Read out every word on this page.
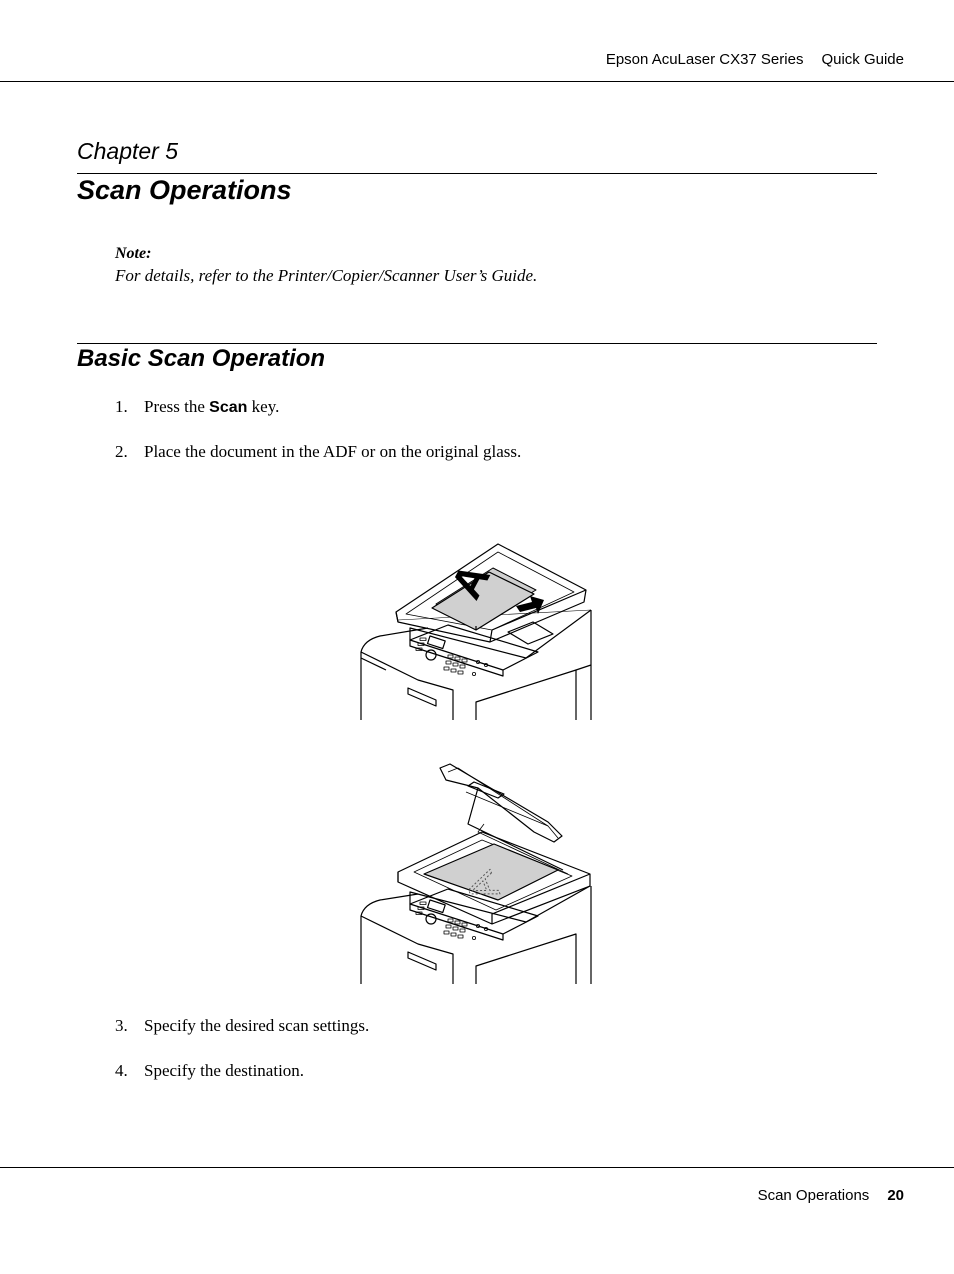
Epson AcuLaser CX37 Series Quick Guide
Chapter 5
Scan Operations
Note:
For details, refer to the Printer/Copier/Scanner User’s Guide.
Basic Scan Operation
1. Press the Scan key.
2. Place the document in the ADF or on the original glass.
A
A
3. Specify the desired scan settings.
4. Specify the destination.
Scan Operations 20
